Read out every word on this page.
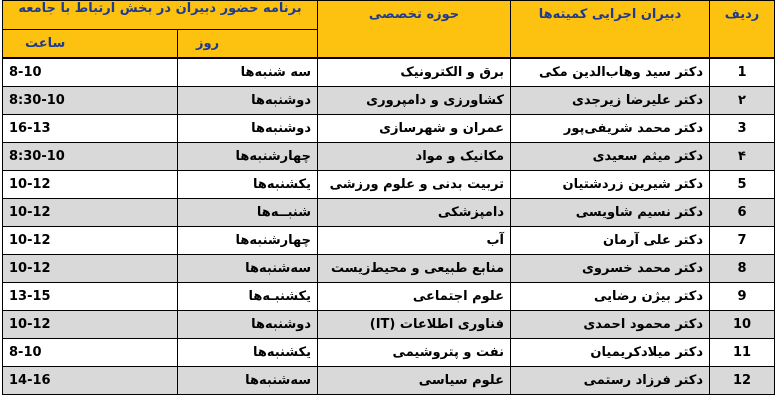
ردیف	دبیران اجرایی کمیته‌ها	حوزه تخصصی	برنامه حضور دبیران در بخش ارتباط با جامعه	
			روز	ساعت
1	دکتر سید وهاب‌الدین مکی	برق و الکترونیک	سه شنبه‌ها	8-10
۲	دکتر علیرضا زیرجدی	کشاورزی و دامپروری	دوشنبه‌ها	8:30-10
3	دکتر محمد شریفی‌پور	عمران و شهرسازی	دوشنبه‌ها	16-13
۴	دکتر میثم سعیدی	مکانیک و مواد	چهارشنبه‌ها	8:30-10
5	دکتر شیرین زردشتیان	تربیت بدنی و علوم ورزشی	یکشنبه‌ها	10-12
6	دکتر نسیم شاویسی	دامپزشکی	شنبــه‌ها	10-12
7	دکتر علی آرمان	آب	چهارشنبه‌ها	10-12
8	دکتر محمد خسروی	منابع طبیعی و محیط‌زیست	سه‌شنبه‌ها	10-12
9	دکتر بیژن رضایی	علوم اجتماعی	یکشنبـه‌ها	13-15
10	دکتر محمود احمدی	فناوری اطلاعات (IT)	دوشنبه‌ها	10-12
11	دکتر میلادکریمیان	نفت و پتروشیمی	یکشنبه‌ها	8-10
12	دکتر فرزاد رستمی	علوم سیاسی	سه‌شنبه‌ها	14-16
